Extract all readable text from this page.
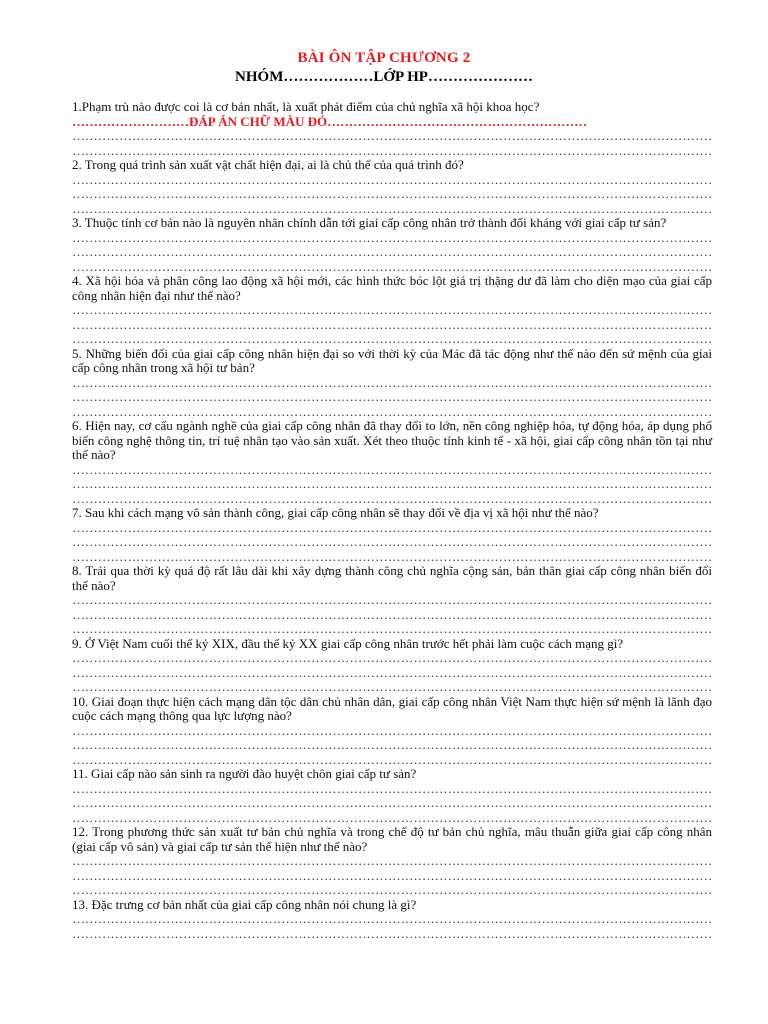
BÀI ÔN TẬP CHƯƠNG 2
NHÓM………………LỚP HP…………………

1.Phạm trù nào được coi là cơ bản nhất, là xuất phát điểm của chủ nghĩa xã hội khoa học?

………………………ĐÁP ÁN CHỮ MÀU ĐỎ……………………………………………………

……………………………………………………………………………………………………………………………………

……………………………………………………………………………………………………………………………………

2. Trong quá trình sản xuất vật chất hiện đại, ai là chủ thể của quá trình đó?

……………………………………………………………………………………………………………………………………

……………………………………………………………………………………………………………………………………

……………………………………………………………………………………………………………………………………

3. Thuộc tính cơ bản nào là nguyên nhân chính dẫn tới giai cấp công nhân trở thành đối kháng với giai cấp tư sản?

……………………………………………………………………………………………………………………………………

……………………………………………………………………………………………………………………………………

……………………………………………………………………………………………………………………………………

4. Xã hội hóa và phân công lao động xã hội mới, các hình thức bóc lột giá trị thặng dư đã làm cho diện mạo của giai cấp công nhân hiện đại như thế nào?

……………………………………………………………………………………………………………………………………

……………………………………………………………………………………………………………………………………

……………………………………………………………………………………………………………………………………

5. Những biến đổi của giai cấp công nhân hiện đại so với thời kỳ của Mác đã tác động như thế nào đến sứ mệnh của giai cấp công nhân trong xã hội tư bản?

……………………………………………………………………………………………………………………………………

……………………………………………………………………………………………………………………………………

……………………………………………………………………………………………………………………………………

6. Hiện nay, cơ cấu ngành nghề của giai cấp công nhân đã thay đổi to lớn, nền công nghiệp hóa, tự động hóa, áp dụng phổ biến công nghệ thông tin, trí tuệ nhân tạo vào sản xuất. Xét theo thuộc tính kinh tế - xã hội, giai cấp công nhân tồn tại như thế nào?

……………………………………………………………………………………………………………………………………

……………………………………………………………………………………………………………………………………

……………………………………………………………………………………………………………………………………

7. Sau khi cách mạng vô sản thành công, giai cấp công nhân sẽ thay đổi về địa vị xã hội như thế nào?

……………………………………………………………………………………………………………………………………

……………………………………………………………………………………………………………………………………

……………………………………………………………………………………………………………………………………

8. Trải qua thời kỳ quá độ rất lâu dài khi xây dựng thành công chủ nghĩa cộng sản, bản thân giai cấp công nhân biến đổi thế nào?

……………………………………………………………………………………………………………………………………

……………………………………………………………………………………………………………………………………

……………………………………………………………………………………………………………………………………

9. Ở Việt Nam cuối thế kỷ XIX, đầu thế kỷ XX giai cấp công nhân trước hết phải làm cuộc cách mạng gì?

……………………………………………………………………………………………………………………………………

……………………………………………………………………………………………………………………………………

……………………………………………………………………………………………………………………………………

10. Giai đoạn thực hiện cách mạng dân tộc dân chủ nhân dân, giai cấp công nhân Việt Nam thực hiện sứ mệnh là lãnh đạo cuộc cách mạng thông qua lực lượng nào?

……………………………………………………………………………………………………………………………………

……………………………………………………………………………………………………………………………………

……………………………………………………………………………………………………………………………………

11. Giai cấp nào sản sinh ra người đào huyệt chôn giai cấp tư sản?

……………………………………………………………………………………………………………………………………

……………………………………………………………………………………………………………………………………

……………………………………………………………………………………………………………………………………

12. Trong phương thức sản xuất tư bản chủ nghĩa và trong chế độ tư bản chủ nghĩa, mâu thuẫn giữa giai cấp công nhân (giai cấp vô sản) và giai cấp tư sản thể hiện như thế nào?

……………………………………………………………………………………………………………………………………

……………………………………………………………………………………………………………………………………

……………………………………………………………………………………………………………………………………

13. Đặc trưng cơ bản nhất của giai cấp công nhân nói chung là gì?

……………………………………………………………………………………………………………………………………

……………………………………………………………………………………………………………………………………
